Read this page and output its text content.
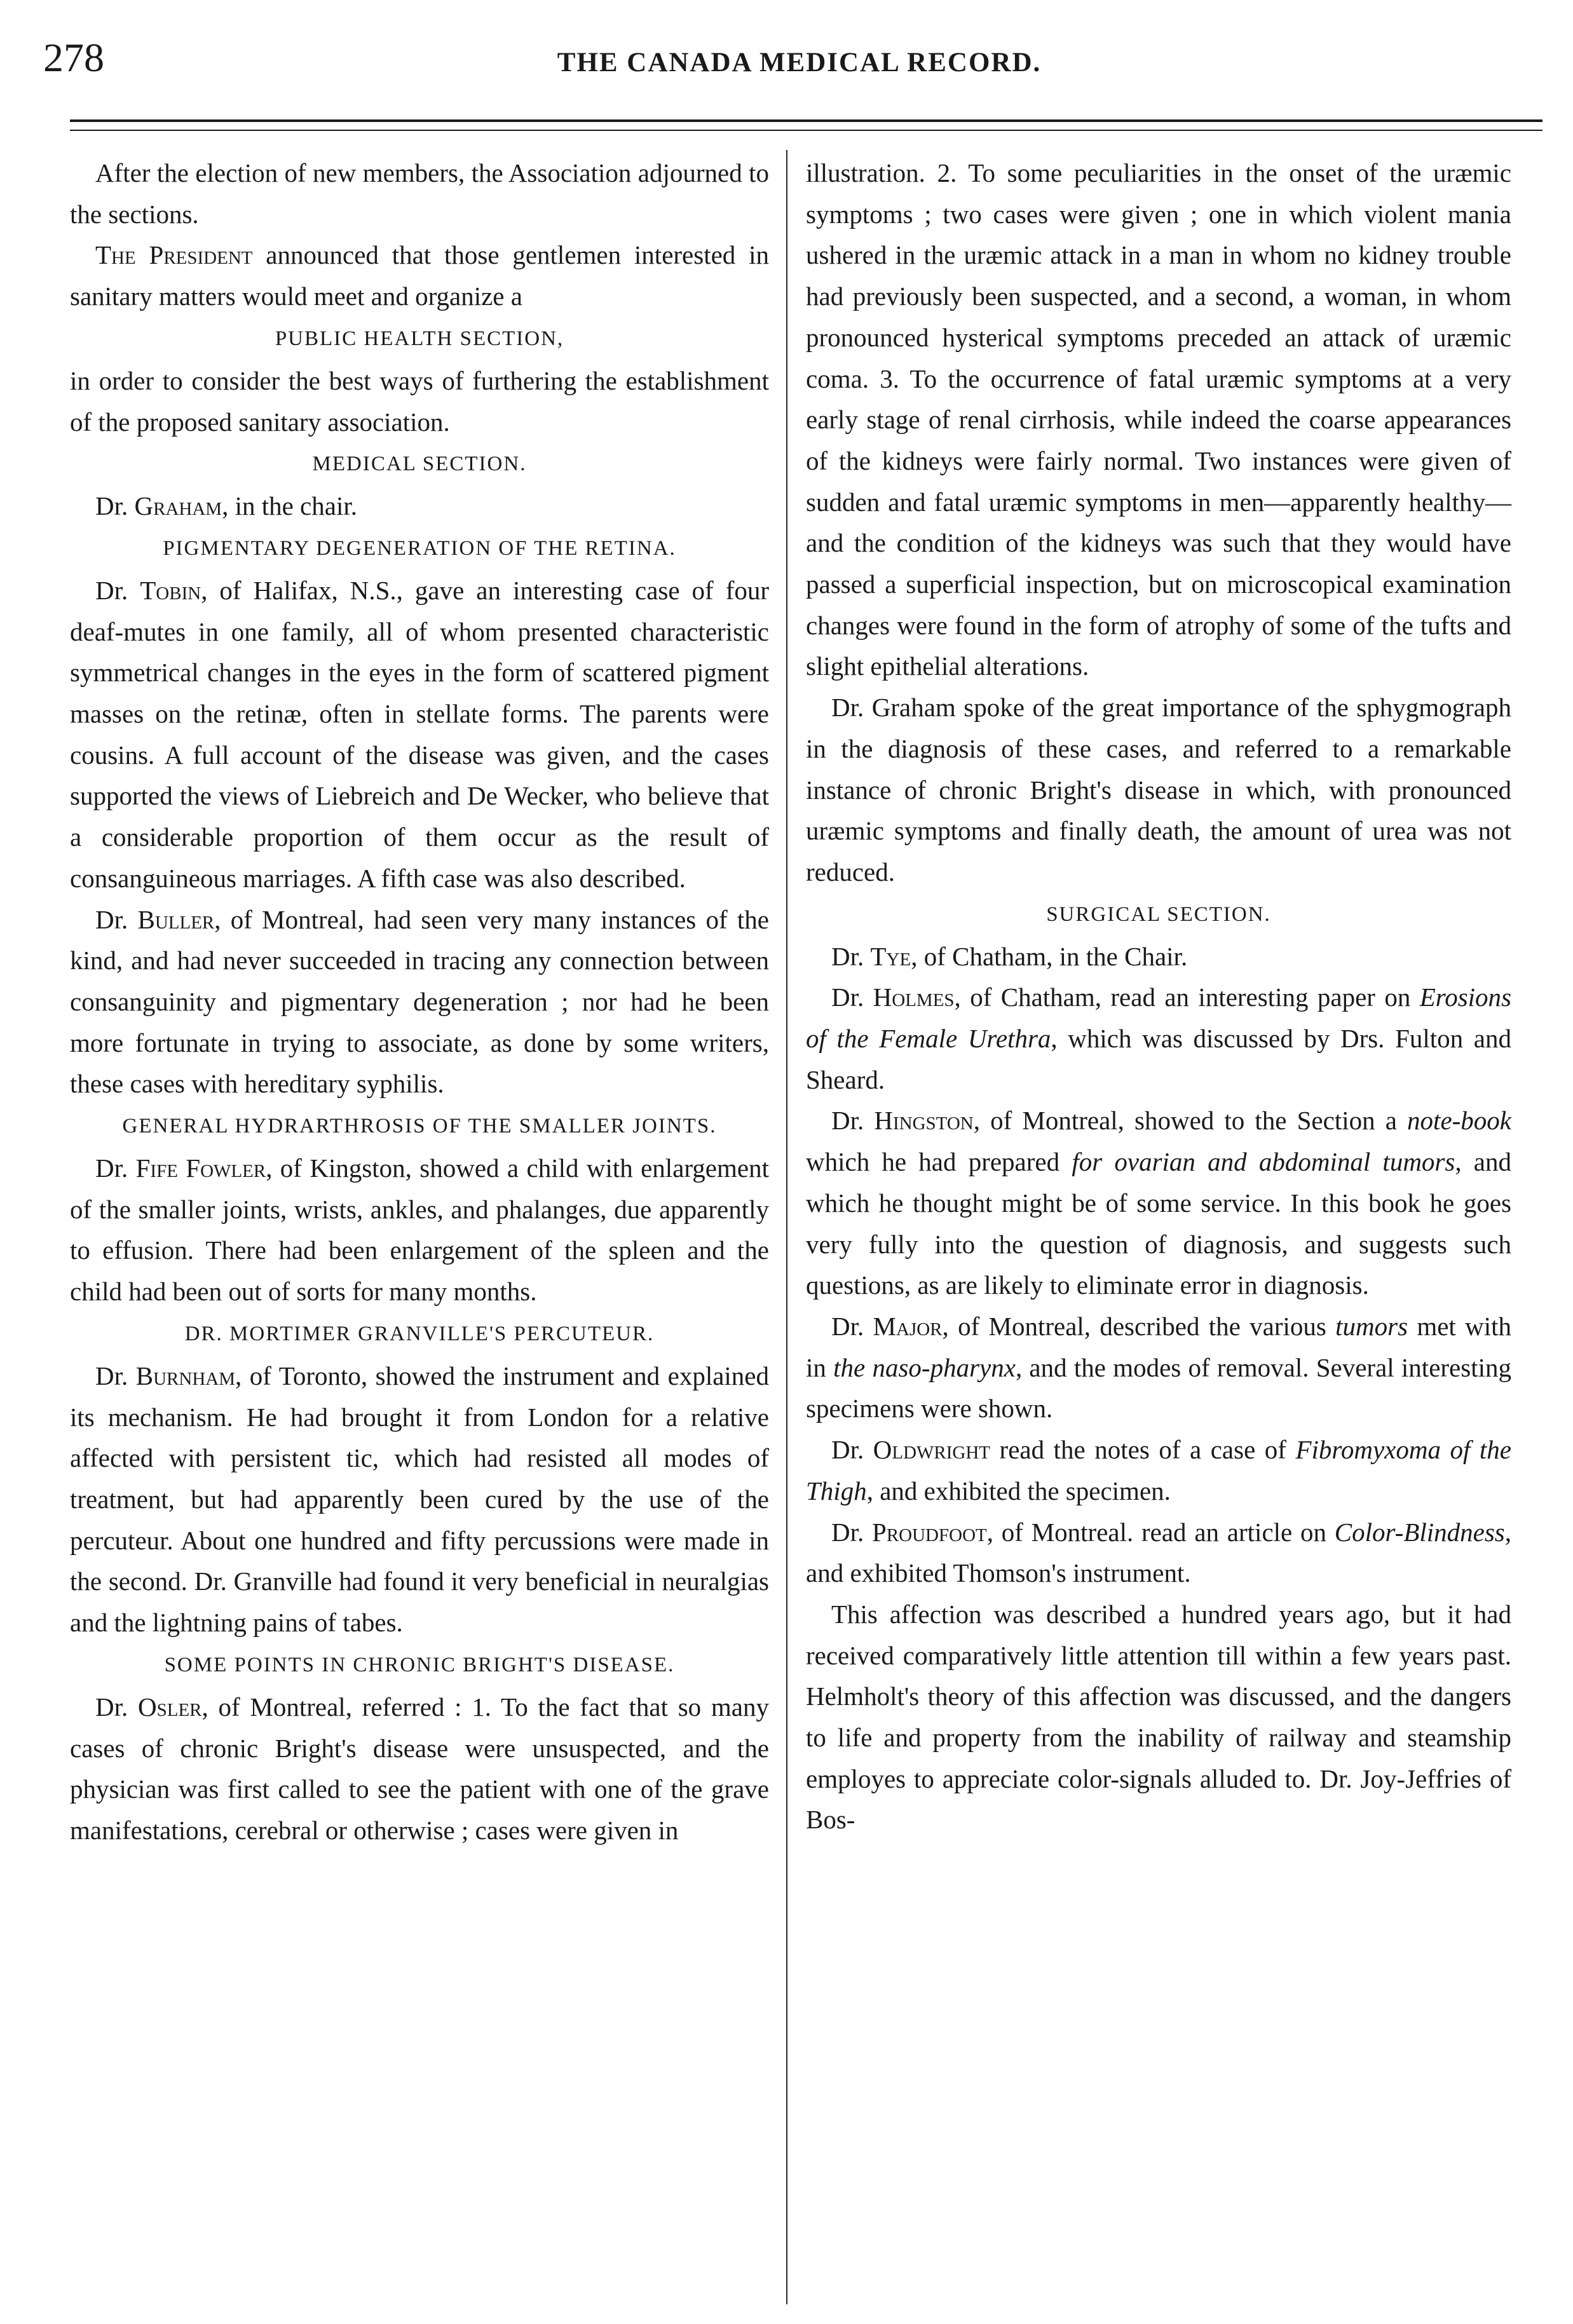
278	THE CANADA MEDICAL RECORD.

After the election of new members, the Association adjourned to the sections.

The President announced that those gentlemen interested in sanitary matters would meet and organize a

PUBLIC HEALTH SECTION,

in order to consider the best ways of furthering the establishment of the proposed sanitary association.

MEDICAL SECTION.

Dr. Graham, in the chair.

PIGMENTARY DEGENERATION OF THE RETINA.

Dr. Tobin, of Halifax, N.S., gave an interesting case of four deaf-mutes in one family, all of whom presented characteristic symmetrical changes in the eyes in the form of scattered pigment masses on the retinæ, often in stellate forms. The parents were cousins. A full account of the disease was given, and the cases supported the views of Liebreich and De Wecker, who believe that a considerable proportion of them occur as the result of consanguineous marriages. A fifth case was also described.

Dr. Buller, of Montreal, had seen very many instances of the kind, and had never succeeded in tracing any connection between consanguinity and pigmentary degeneration ; nor had he been more fortunate in trying to associate, as done by some writers, these cases with hereditary syphilis.

GENERAL HYDRARTHROSIS OF THE SMALLER JOINTS.

Dr. Fife Fowler, of Kingston, showed a child with enlargement of the smaller joints, wrists, ankles, and phalanges, due apparently to effusion. There had been enlargement of the spleen and the child had been out of sorts for many months.

DR. MORTIMER GRANVILLE'S PERCUTEUR.

Dr. Burnham, of Toronto, showed the instrument and explained its mechanism. He had brought it from London for a relative affected with persistent tic, which had resisted all modes of treatment, but had apparently been cured by the use of the percuteur. About one hundred and fifty percussions were made in the second. Dr. Granville had found it very beneficial in neuralgias and the lightning pains of tabes.

SOME POINTS IN CHRONIC BRIGHT'S DISEASE.

Dr. Osler, of Montreal, referred : 1. To the fact that so many cases of chronic Bright's disease were unsuspected, and the physician was first called to see the patient with one of the grave manifestations, cerebral or otherwise ; cases were given in

illustration. 2. To some peculiarities in the onset of the uræmic symptoms ; two cases were given ; one in which violent mania ushered in the uræmic attack in a man in whom no kidney trouble had previously been suspected, and a second, a woman, in whom pronounced hysterical symptoms preceded an attack of uræmic coma. 3. To the occurrence of fatal uræmic symptoms at a very early stage of renal cirrhosis, while indeed the coarse appearances of the kidneys were fairly normal. Two instances were given of sudden and fatal uræmic symptoms in men—apparently healthy—and the condition of the kidneys was such that they would have passed a superficial inspection, but on microscopical examination changes were found in the form of atrophy of some of the tufts and slight epithelial alterations.

Dr. Graham spoke of the great importance of the sphygmograph in the diagnosis of these cases, and referred to a remarkable instance of chronic Bright's disease in which, with pronounced uræmic symptoms and finally death, the amount of urea was not reduced.

SURGICAL SECTION.

Dr. Tye, of Chatham, in the Chair.

Dr. Holmes, of Chatham, read an interesting paper on Erosions of the Female Urethra, which was discussed by Drs. Fulton and Sheard.

Dr. Hingston, of Montreal, showed to the Section a note-book which he had prepared for ovarian and abdominal tumors, and which he thought might be of some service. In this book he goes very fully into the question of diagnosis, and suggests such questions, as are likely to eliminate error in diagnosis.

Dr. Major, of Montreal, described the various tumors met with in the naso-pharynx, and the modes of removal. Several interesting specimens were shown.

Dr. Oldwright read the notes of a case of Fibromyxoma of the Thigh, and exhibited the specimen.

Dr. Proudfoot, of Montreal. read an article on Color-Blindness, and exhibited Thomson's instrument.

This affection was described a hundred years ago, but it had received comparatively little attention till within a few years past. Helmholt's theory of this affection was discussed, and the dangers to life and property from the inability of railway and steamship employes to appreciate color-signals alluded to. Dr. Joy-Jeffries of Bos-
